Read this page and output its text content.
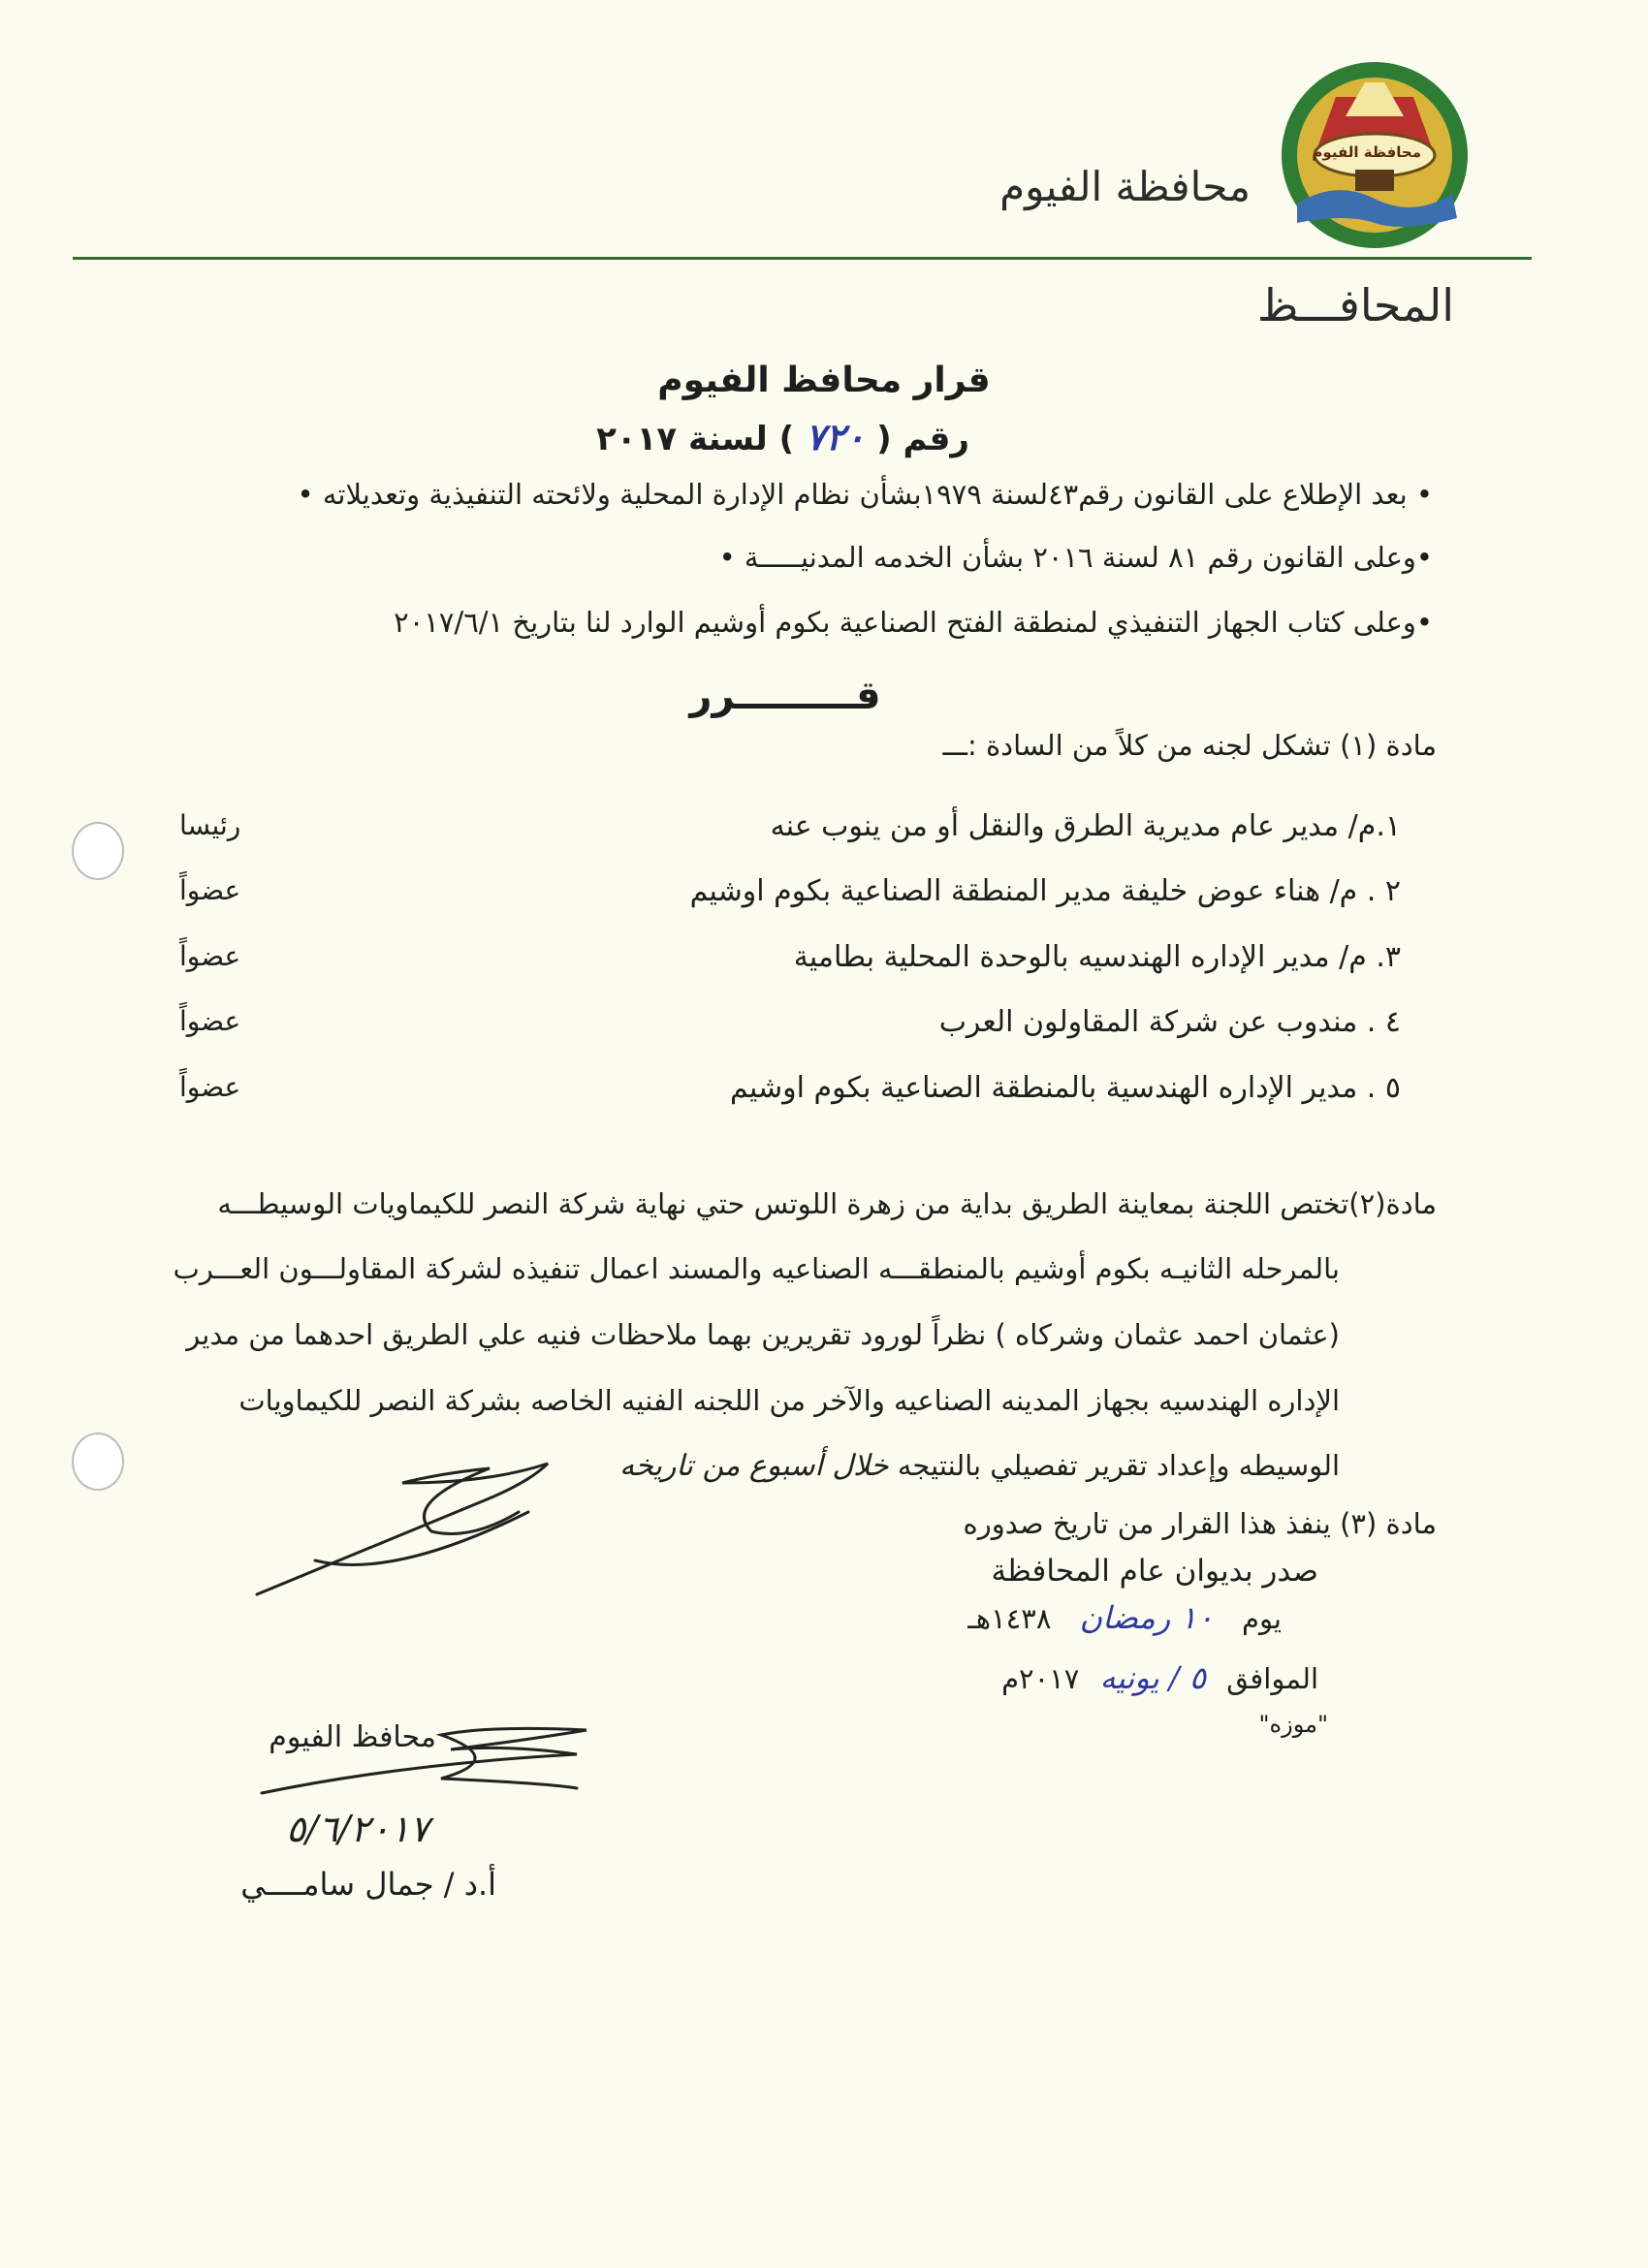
محافظة الفيوم
محافظة الفيوم
المحافـــظ
قرار محافظ الفيوم
رقم ( ٧٢٠ ) لسنة ٢٠١٧
• بعد الإطلاع على القانون رقم٤٣لسنة ١٩٧٩بشأن نظام الإدارة المحلية ولائحته التنفيذية وتعديلاته •
•وعلى القانون رقم ٨١ لسنة ٢٠١٦ بشأن الخدمه المدنيـــــة •
•وعلى كتاب الجهاز التنفيذي لمنطقة الفتح الصناعية بكوم أوشيم الوارد لنا بتاريخ ٢٠١٧/٦/١
قـــــــــرر
مادة (١) تشكل لجنه من كلاً من السادة :ـــ
رئيسا	١.م/ مدير عام مديرية الطرق والنقل أو من ينوب عنه
عضواً	٢ . م/ هناء عوض خليفة مدير المنطقة الصناعية بكوم اوشيم
عضواً	٣. م/ مدير الإداره الهندسيه بالوحدة المحلية بطامية
عضواً	٤ . مندوب عن شركة المقاولون العرب
عضواً	٥ . مدير الإداره الهندسية بالمنطقة الصناعية بكوم اوشيم
مادة(٢)تختص اللجنة بمعاينة الطريق بداية من زهرة اللوتس حتي نهاية شركة النصر للكيماويات الوسيطـــه
بالمرحله الثانيـه بكوم أوشيم بالمنطقـــه الصناعيه والمسند اعمال تنفيذه لشركة المقاولـــون العـــرب
(عثمان احمد عثمان وشركاه ) نظراً لورود تقريرين بهما ملاحظات فنيه علي الطريق احدهما من مدير
الإداره الهندسيه بجهاز المدينه الصناعيه والآخر من اللجنه الفنيه الخاصه بشركة النصر للكيماويات
الوسيطه وإعداد تقرير تفصيلي بالنتيجه خلال أسبوع من تاريخه
مادة (٣) ينفذ هذا القرار من تاريخ صدوره
صدر بديوان عام المحافظة
يوم ١٠ رمضان ١٤٣٨هـ
الموافق ٥ / يونيه ٢٠١٧م
"موزه"
محافظ الفيوم
٥/٦/٢٠١٧
أ.د / جمال سامــــي
